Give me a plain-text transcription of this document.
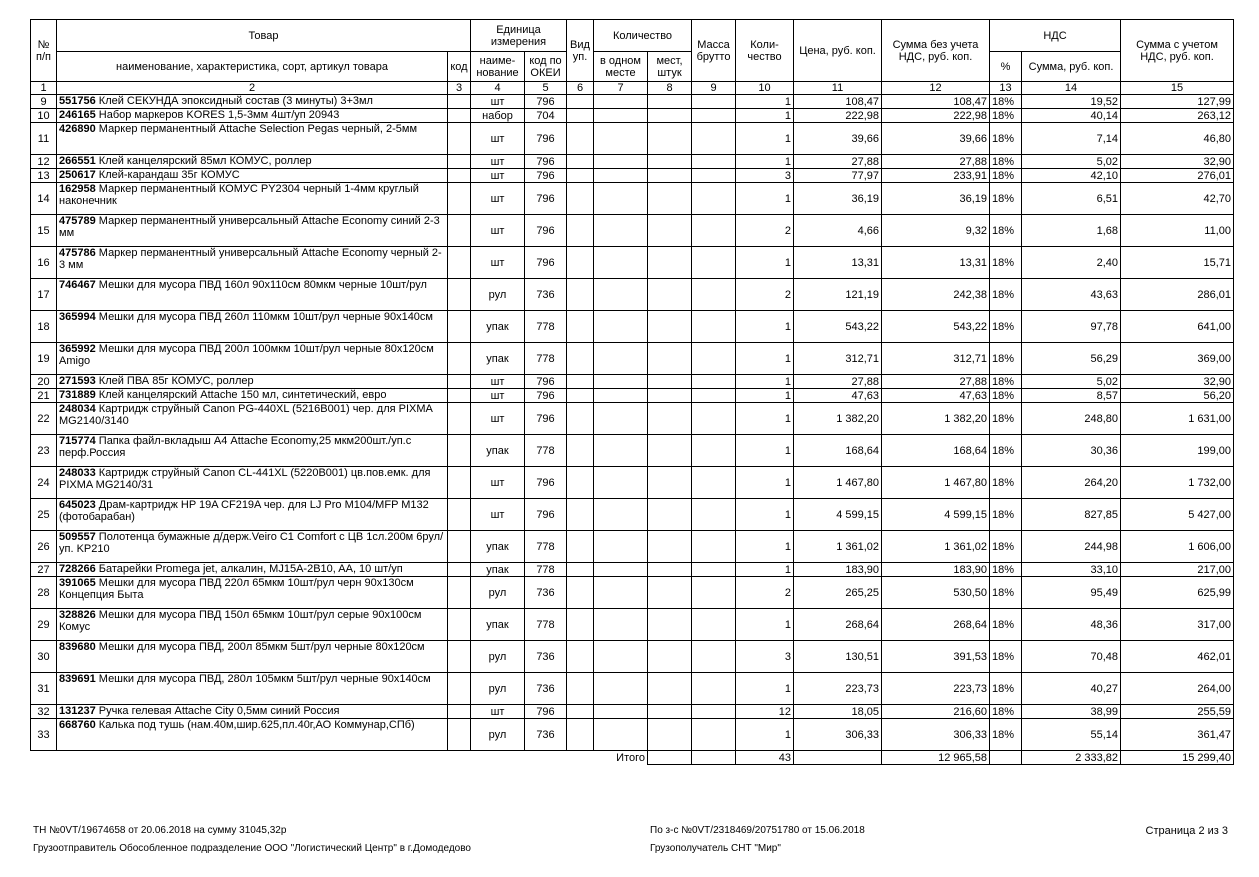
№ п/п	Товар		Единица измерения		Вид уп.	Количество		Масса брутто	Коли-чество	Цена, руб. коп.	Сумма без учета НДС, руб. коп.	НДС		Сумма с учетом НДС, руб. коп.
	наименование, характеристика, сорт, артикул товара	код	наиме-нование	код по ОКЕИ		в одном месте	мест, штук					%	Сумма, руб. коп.	
1	2	3	4	5	6	7	8	9	10	11	12	13	14	15
9	551756 Клей СЕКУНДА эпоксидный состав (3 минуты) 3+3мл		шт	796					1	108,47	108,47	18%	19,52	127,99
10	246165 Набор маркеров KORES 1,5-3мм 4шт/уп 20943		набор	704					1	222,98	222,98	18%	40,14	263,12
11	426890 Маркер перманентный Attache Selection Pegas черный, 2-5мм		шт	796					1	39,66	39,66	18%	7,14	46,80
12	266551 Клей канцелярский 85мл КОМУС, роллер		шт	796					1	27,88	27,88	18%	5,02	32,90
13	250617 Клей-карандаш 35г КОМУС		шт	796					3	77,97	233,91	18%	42,10	276,01
14	162958 Маркер перманентный КОМУС PY2304 черный 1-4мм круглый наконечник		шт	796					1	36,19	36,19	18%	6,51	42,70
15	475789 Маркер перманентный универсальный Attache Economy синий 2-3 мм		шт	796					2	4,66	9,32	18%	1,68	11,00
16	475786 Маркер перманентный универсальный Attache Economy черный 2-3 мм		шт	796					1	13,31	13,31	18%	2,40	15,71
17	746467 Мешки для мусора ПВД 160л 90х110см 80мкм черные 10шт/рул		рул	736					2	121,19	242,38	18%	43,63	286,01
18	365994 Мешки для мусора ПВД 260л 110мкм 10шт/рул черные 90х140см		упак	778					1	543,22	543,22	18%	97,78	641,00
19	365992 Мешки для мусора ПВД 200л 100мкм 10шт/рул черные 80х120см Amigo		упак	778					1	312,71	312,71	18%	56,29	369,00
20	271593 Клей ПВА 85г КОМУС, роллер		шт	796					1	27,88	27,88	18%	5,02	32,90
21	731889 Клей канцелярский Attache 150 мл, синтетический, евро		шт	796					1	47,63	47,63	18%	8,57	56,20
22	248034 Картридж струйный Canon PG-440XL (5216B001) чер. для PIXMA MG2140/3140		шт	796					1	1 382,20	1 382,20	18%	248,80	1 631,00
23	715774 Папка файл-вкладыш А4 Attache Economy,25 мкм200шт./уп.с перф.Россия		упак	778					1	168,64	168,64	18%	30,36	199,00
24	248033 Картридж струйный Canon CL-441XL (5220B001) цв.пов.емк. для PIXMA MG2140/31		шт	796					1	1 467,80	1 467,80	18%	264,20	1 732,00
25	645023 Драм-картридж HP 19A CF219A чер. для LJ Pro M104/MFP M132 (фотобарабан)		шт	796					1	4 599,15	4 599,15	18%	827,85	5 427,00
26	509557 Полотенца бумажные д/держ.Veiro C1 Comfort с ЦВ 1сл.200м 6рул/уп. KP210		упак	778					1	1 361,02	1 361,02	18%	244,98	1 606,00
27	728266 Батарейки Promega jet, алкалин, MJ15A-2B10, AA, 10 шт/уп		упак	778					1	183,90	183,90	18%	33,10	217,00
28	391065 Мешки для мусора ПВД 220л 65мкм 10шт/рул черн 90х130см Концепция Быта		рул	736					2	265,25	530,50	18%	95,49	625,99
29	328826 Мешки для мусора ПВД 150л 65мкм 10шт/рул серые 90х100см Комус		упак	778					1	268,64	268,64	18%	48,36	317,00
30	839680 Мешки для мусора ПВД, 200л 85мкм 5шт/рул черные 80х120см		рул	736					3	130,51	391,53	18%	70,48	462,01
31	839691 Мешки для мусора ПВД, 280л 105мкм 5шт/рул черные 90х140см		рул	736					1	223,73	223,73	18%	40,27	264,00
32	131237 Ручка гелевая Attache City 0,5мм синий Россия		шт	796					12	18,05	216,60	18%	38,99	255,59
33	668760 Калька под тушь (нам.40м,шир.625,пл.40г,АО Коммунар,СПб)		рул	736					1	306,33	306,33	18%	55,14	361,47
Итого									43		12 965,58		2 333,82	15 299,40
ТН №0VT/19674658 от 20.06.2018 на сумму 31045,32р	По з-с №0VT/2318469/20751780 от 15.06.2018	Страница 2 из 3
Грузоотправитель Обособленное подразделение ООО "Логистический Центр" в г.Домодедово	Грузополучатель СНТ "Мир"
